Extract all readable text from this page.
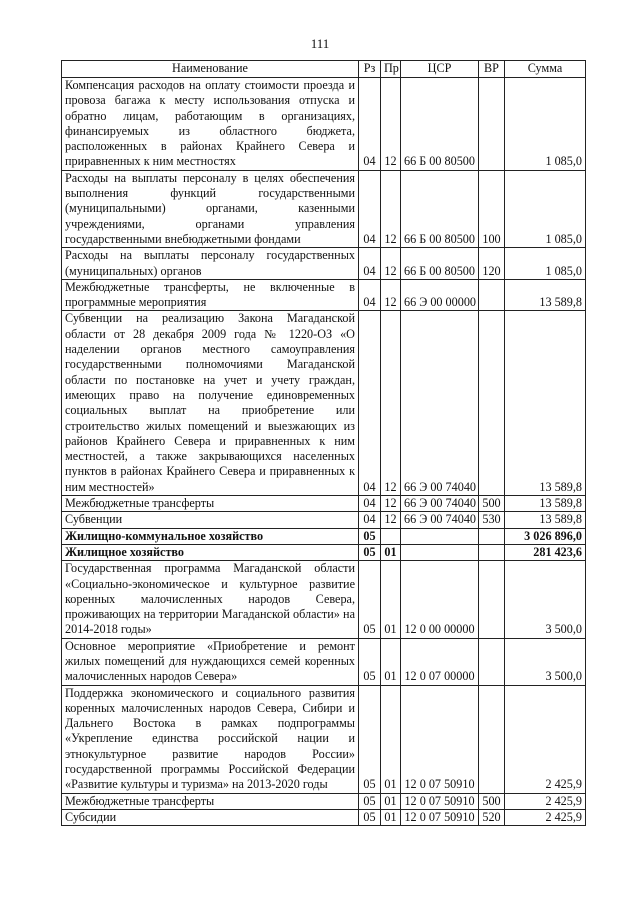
111
Наименование	Рз	Пр	ЦСР	ВР	Сумма
Компенсация расходов на оплату стоимости проезда и провоза багажа к месту использования отпуска и обратно лицам, работающим в организациях, финансируемых из областного бюджета, расположенных в районах Крайнего Севера и приравненных к ним местностях	04	12	66 Б 00 80500		1 085,0
Расходы на выплаты персоналу в целях обеспечения выполнения функций государственными (муниципальными) органами, казенными учреждениями, органами управления государственными внебюджетными фондами	04	12	66 Б 00 80500	100	1 085,0
Расходы на выплаты персоналу государственных (муниципальных) органов	04	12	66 Б 00 80500	120	1 085,0
Межбюджетные трансферты, не включенные в программные мероприятия	04	12	66 Э 00 00000		13 589,8
Субвенции на реализацию Закона Магаданской области от 28 декабря 2009 года № 1220-ОЗ «О наделении органов местного самоуправления государственными полномочиями Магаданской области по постановке на учет и учету граждан, имеющих право на получение единовременных социальных выплат на приобретение или строительство жилых помещений и выезжающих из районов Крайнего Севера и приравненных к ним местностей, а также закрывающихся населенных пунктов в районах Крайнего Севера и приравненных к ним местностей»	04	12	66 Э 00 74040		13 589,8
Межбюджетные трансферты	04	12	66 Э 00 74040	500	13 589,8
Субвенции	04	12	66 Э 00 74040	530	13 589,8
Жилищно-коммунальное хозяйство	05				3 026 896,0
Жилищное хозяйство	05	01			281 423,6
Государственная программа Магаданской области «Социально-экономическое и культурное развитие коренных малочисленных народов Севера, проживающих на территории Магаданской области» на 2014-2018 годы»	05	01	12 0 00 00000		3 500,0
Основное мероприятие «Приобретение и ремонт жилых помещений для нуждающихся семей коренных малочисленных народов Севера»	05	01	12 0 07 00000		3 500,0
Поддержка экономического и социального развития коренных малочисленных народов Севера, Сибири и Дальнего Востока в рамках подпрограммы «Укрепление единства российской нации и этнокультурное развитие народов России» государственной программы Российской Федерации «Развитие культуры и туризма» на 2013-2020 годы	05	01	12 0 07 50910		2 425,9
Межбюджетные трансферты	05	01	12 0 07 50910	500	2 425,9
Субсидии	05	01	12 0 07 50910	520	2 425,9
